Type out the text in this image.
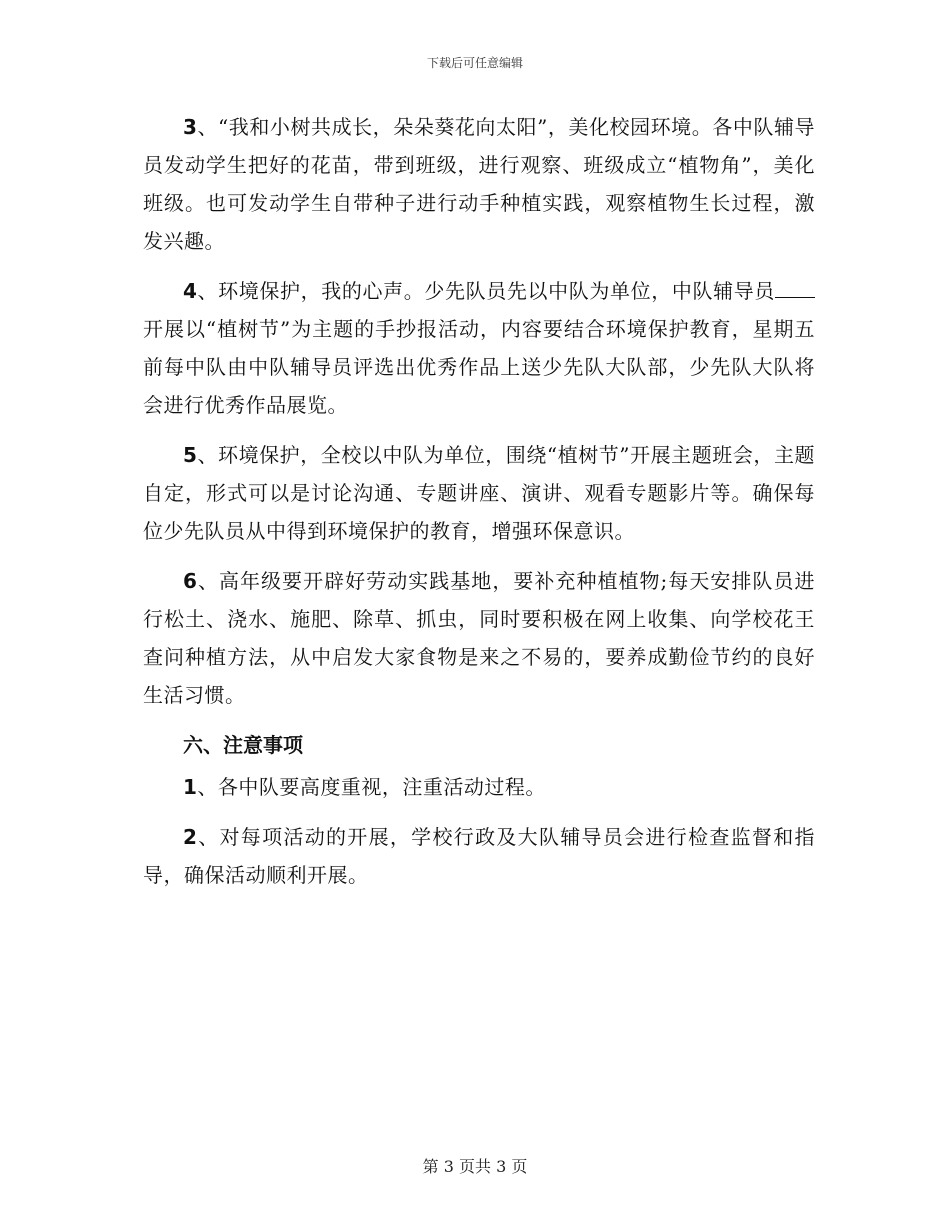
下载后可任意编辑

3、“我和小树共成长，朵朵葵花向太阳”，美化校园环境。各中队辅导员发动学生把好的花苗，带到班级，进行观察、班级成立“植物角”，美化班级。也可发动学生自带种子进行动手种植实践，观察植物生长过程，激发兴趣。

4、环境保护，我的心声。少先队员先以中队为单位，中队辅导员开展以“植树节”为主题的手抄报活动，内容要结合环境保护教育，星期五前每中队由中队辅导员评选出优秀作品上送少先队大队部，少先队大队将会进行优秀作品展览。

5、环境保护，全校以中队为单位，围绕“植树节”开展主题班会，主题自定，形式可以是讨论沟通、专题讲座、演讲、观看专题影片等。确保每位少先队员从中得到环境保护的教育，增强环保意识。

6、高年级要开辟好劳动实践基地，要补充种植植物;每天安排队员进行松土、浇水、施肥、除草、抓虫，同时要积极在网上收集、向学校花王查问种植方法，从中启发大家食物是来之不易的，要养成勤俭节约的良好生活习惯。

六、注意事项

1、各中队要高度重视，注重活动过程。

2、对每项活动的开展，学校行政及大队辅导员会进行检查监督和指导，确保活动顺利开展。

第 3 页共 3 页
